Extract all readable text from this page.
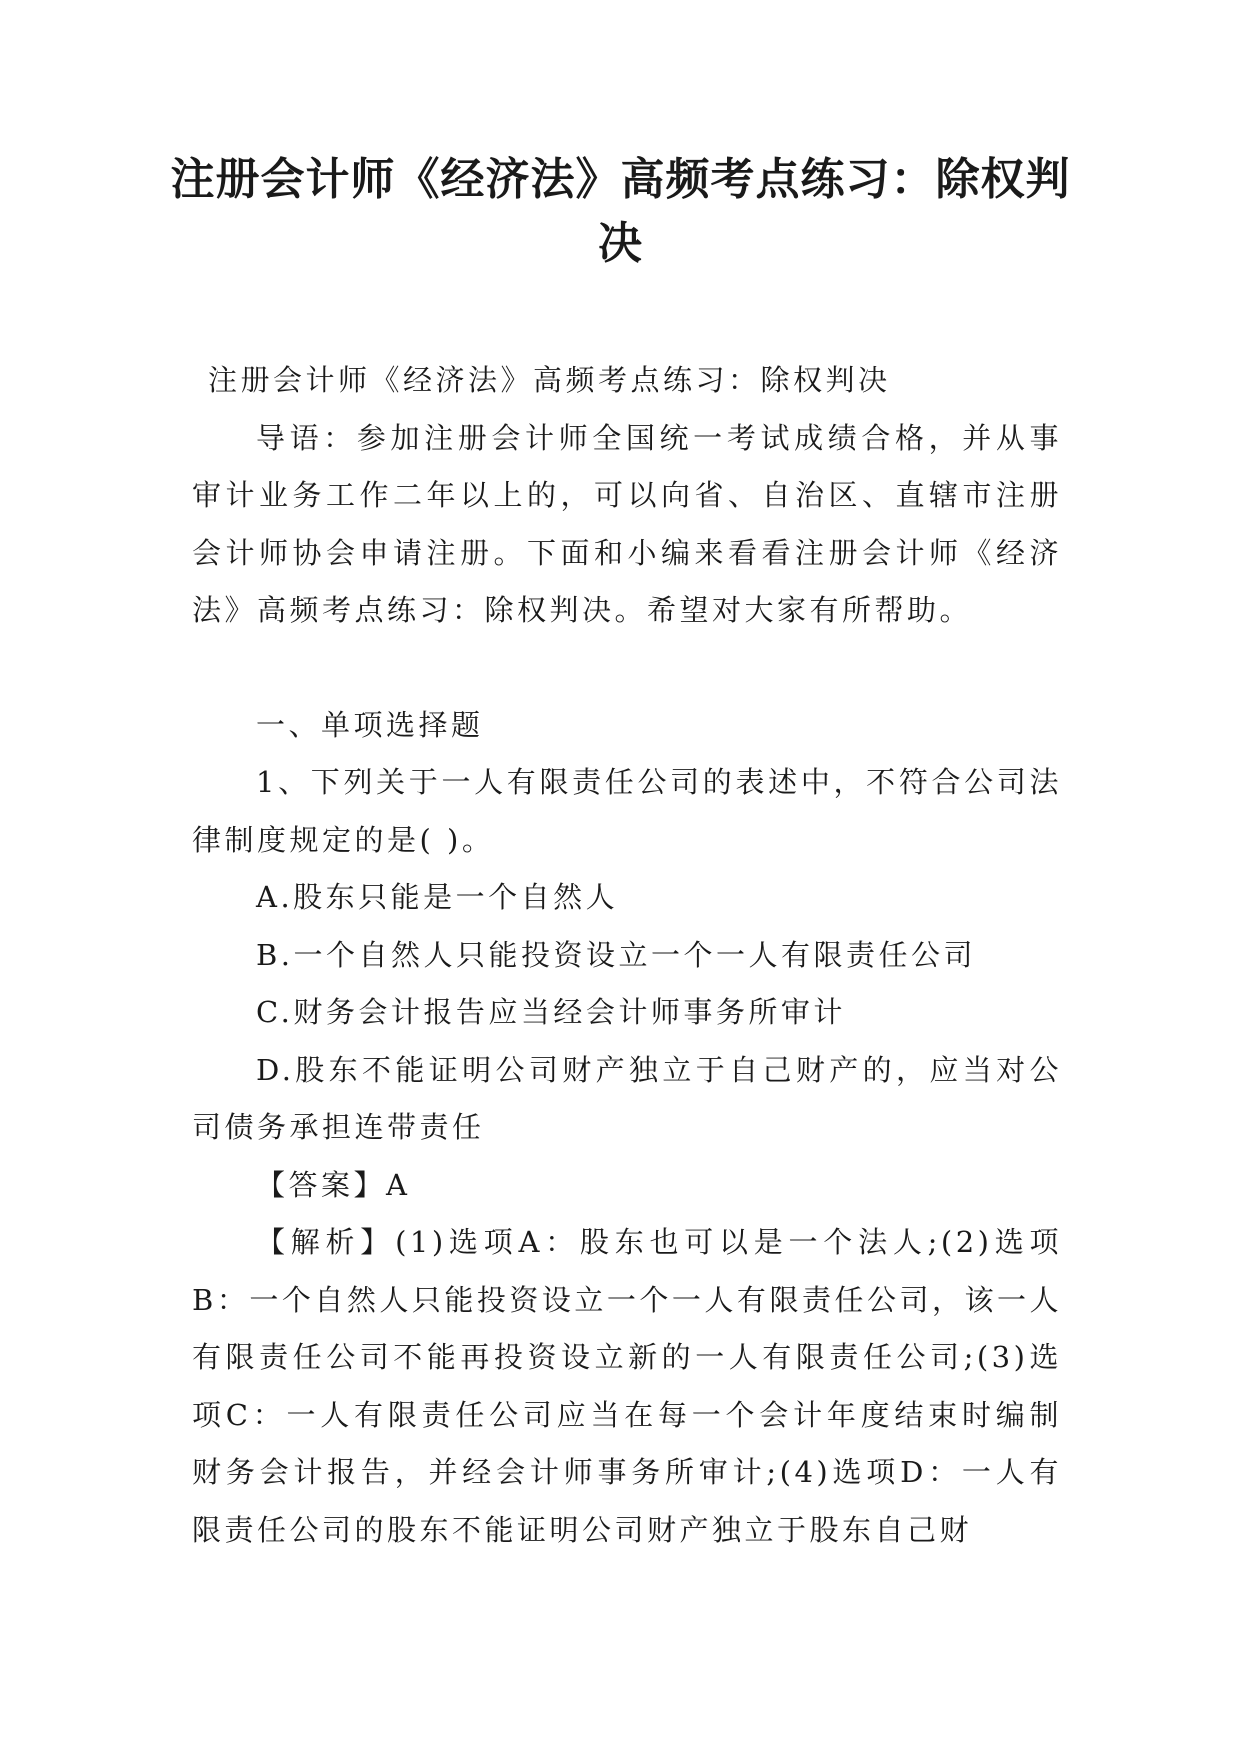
注册会计师《经济法》高频考点练习：除权判决

注册会计师《经济法》高频考点练习：除权判决

导语：参加注册会计师全国统一考试成绩合格，并从事审计业务工作二年以上的，可以向省、自治区、直辖市注册会计师协会申请注册。下面和小编来看看注册会计师《经济法》高频考点练习：除权判决。希望对大家有所帮助。

一、单项选择题

1、下列关于一人有限责任公司的表述中，不符合公司法律制度规定的是( )。

A.股东只能是一个自然人

B.一个自然人只能投资设立一个一人有限责任公司

C.财务会计报告应当经会计师事务所审计

D.股东不能证明公司财产独立于自己财产的，应当对公司债务承担连带责任

【答案】A

【解析】(1)选项A：股东也可以是一个法人;(2)选项B：一个自然人只能投资设立一个一人有限责任公司，该一人有限责任公司不能再投资设立新的一人有限责任公司;(3)选项C：一人有限责任公司应当在每一个会计年度结束时编制财务会计报告，并经会计师事务所审计;(4)选项D：一人有限责任公司的股东不能证明公司财产独立于股东自己财
